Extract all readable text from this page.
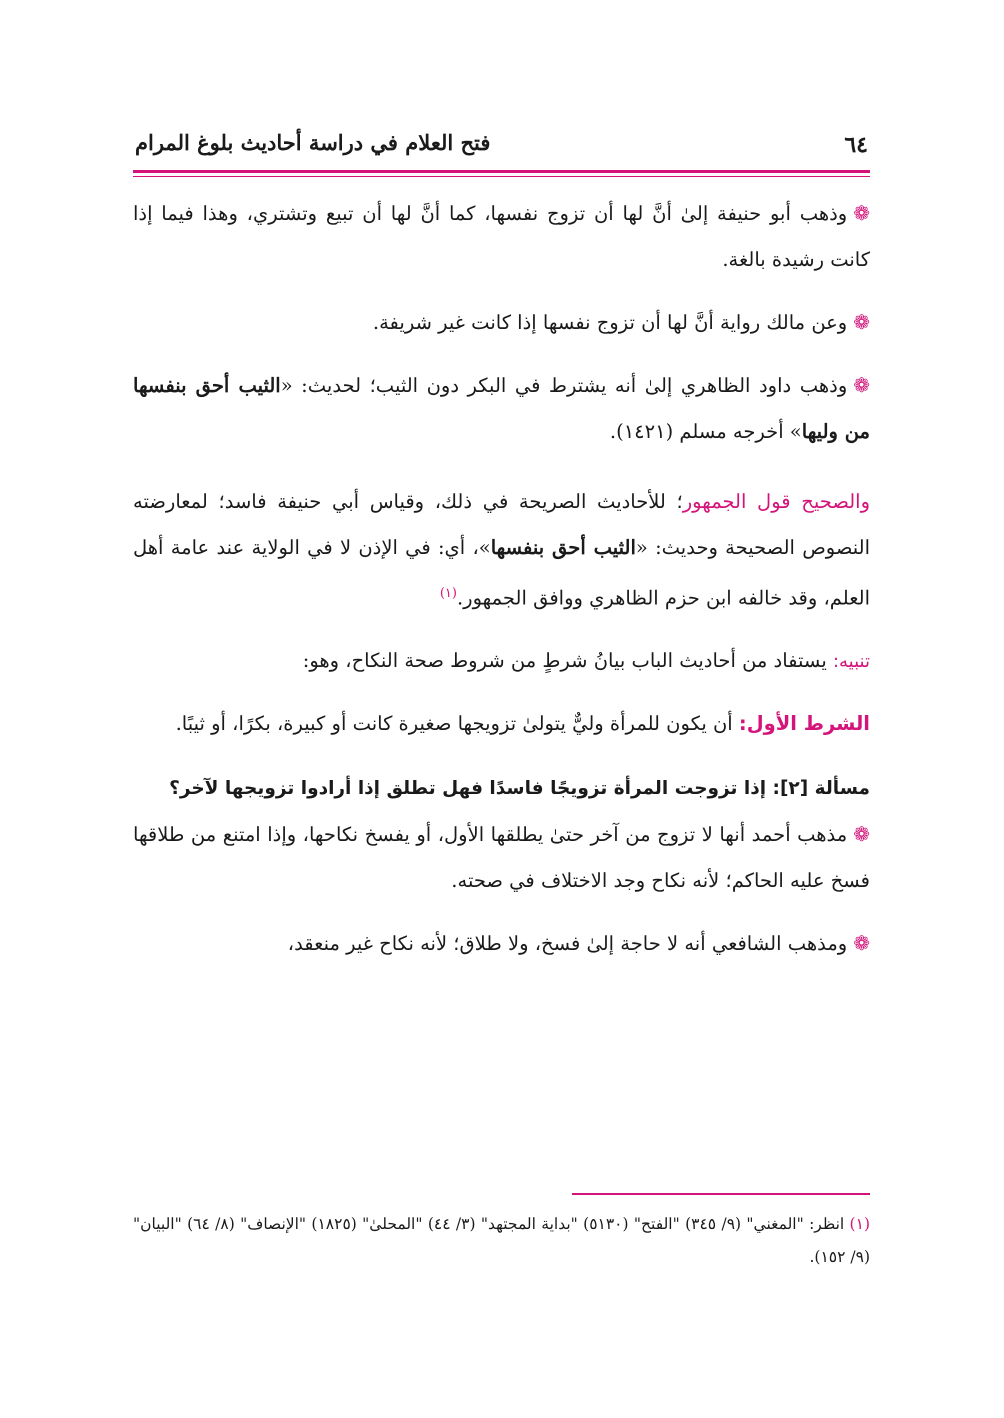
٦٤
فتح العلام في دراسة أحاديث بلوغ المرام

❁وذهب أبو حنيفة إلىٰ أنَّ لها أن تزوج نفسها، كما أنَّ لها أن تبيع وتشتري، وهذا فيما إذا كانت رشيدة بالغة.

❁وعن مالك رواية أنَّ لها أن تزوج نفسها إذا كانت غير شريفة.

❁وذهب داود الظاهري إلىٰ أنه يشترط في البكر دون الثيب؛ لحديث: «الثيب أحق بنفسها من وليها» أخرجه مسلم (١٤٢١).

والصحيح قول الجمهور؛ للأحاديث الصريحة في ذلك، وقياس أبي حنيفة فاسد؛ لمعارضته النصوص الصحيحة وحديث: «الثيب أحق بنفسها»، أي: في الإذن لا في الولاية عند عامة أهل العلم، وقد خالفه ابن حزم الظاهري ووافق الجمهور.$^{(١)}$

تنبيه: يستفاد من أحاديث الباب بيانُ شرطٍ من شروط صحة النكاح، وهو:

الشرط الأول: أن يكون للمرأة وليٌّ يتولىٰ تزويجها صغيرة كانت أو كبيرة، بكرًا، أو ثيبًا.

مسألة [٢]: إذا تزوجت المرأة تزويجًا فاسدًا فهل تطلق إذا أرادوا تزويجها لآخر؟

❁مذهب أحمد أنها لا تزوج من آخر حتىٰ يطلقها الأول، أو يفسخ نكاحها، وإذا امتنع من طلاقها فسخ عليه الحاكم؛ لأنه نكاح وجد الاختلاف في صحته.

❁ومذهب الشافعي أنه لا حاجة إلىٰ فسخ، ولا طلاق؛ لأنه نكاح غير منعقد،

(١) انظر: "المغني" (٩/ ٣٤٥) "الفتح" (٥١٣٠) "بداية المجتهد" (٣/ ٤٤) "المحلىٰ" (١٨٢٥) "الإنصاف" (٨/ ٦٤) "البيان" (٩/ ١٥٢).
